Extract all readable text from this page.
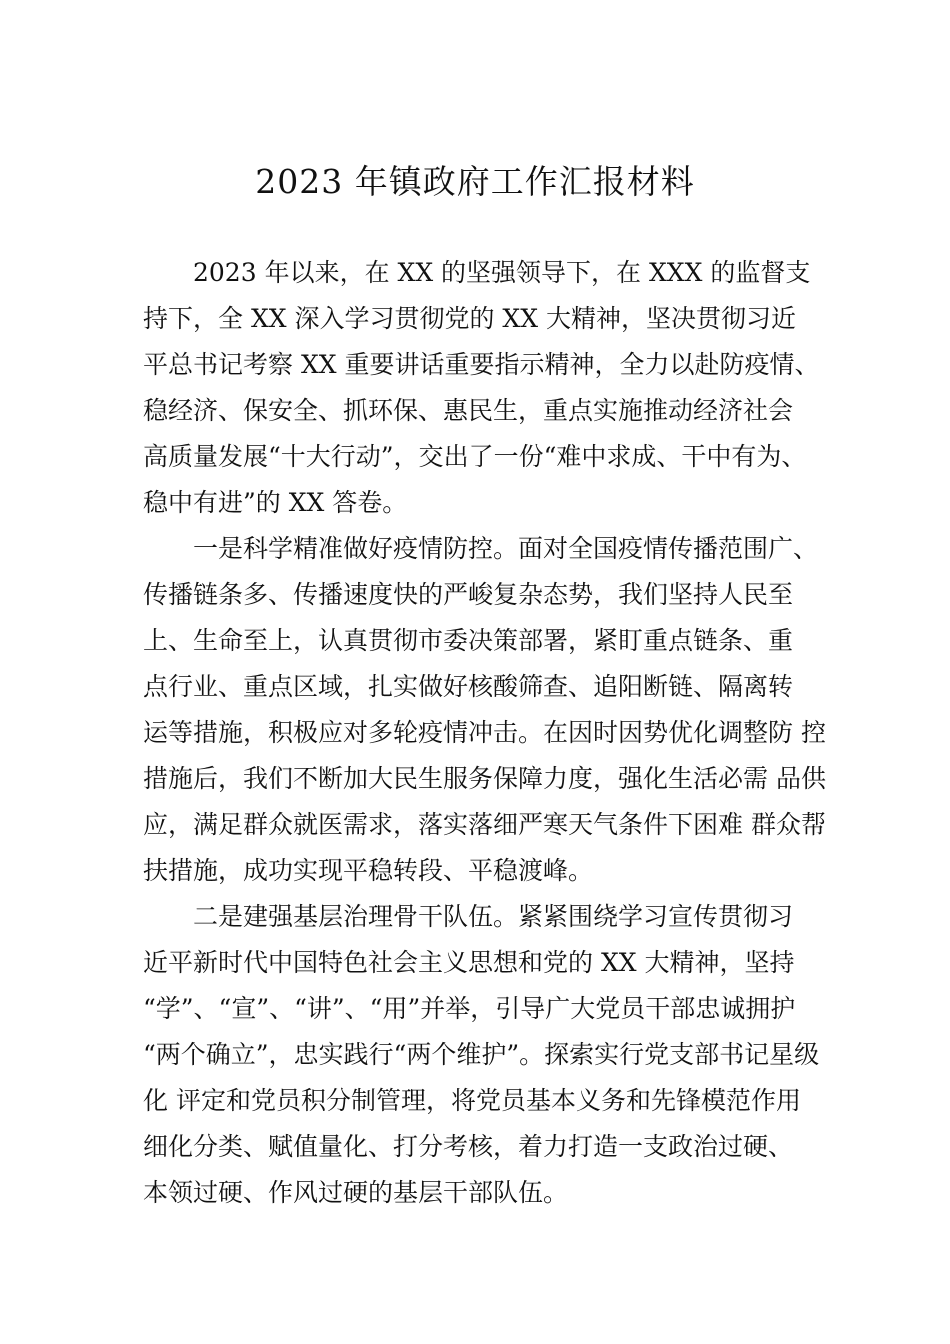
2023 年镇政府工作汇报材料
2023 年以来，在 XX 的坚强领导下，在 XXX 的监督支
持下，全 XX 深入学习贯彻党的 XX 大精神，坚决贯彻习近
平总书记考察 XX 重要讲话重要指示精神，全力以赴防疫情、
稳经济、保安全、抓环保、惠民生，重点实施推动经济社会
高质量发展“十大行动”，交出了一份“难中求成、干中有为、
稳中有进”的 XX 答卷。
一是科学精准做好疫情防控。面对全国疫情传播范围广、
传播链条多、传播速度快的严峻复杂态势，我们坚持人民至
上、生命至上，认真贯彻市委决策部署，紧盯重点链条、重
点行业、重点区域，扎实做好核酸筛查、追阳断链、隔离转
运等措施，积极应对多轮疫情冲击。在因时因势优化调整防 控
措施后，我们不断加大民生服务保障力度，强化生活必需 品供
应，满足群众就医需求，落实落细严寒天气条件下困难 群众帮
扶措施，成功实现平稳转段、平稳渡峰。
二是建强基层治理骨干队伍。紧紧围绕学习宣传贯彻习
近平新时代中国特色社会主义思想和党的 XX 大精神，坚持
“学”、“宣”、“讲”、“用”并举，引导广大党员干部忠诚拥护
“两个确立”，忠实践行“两个维护”。探索实行党支部书记星级
化 评定和党员积分制管理，将党员基本义务和先锋模范作用
细化分类、赋值量化、打分考核，着力打造一支政治过硬、
本领过硬、作风过硬的基层干部队伍。
